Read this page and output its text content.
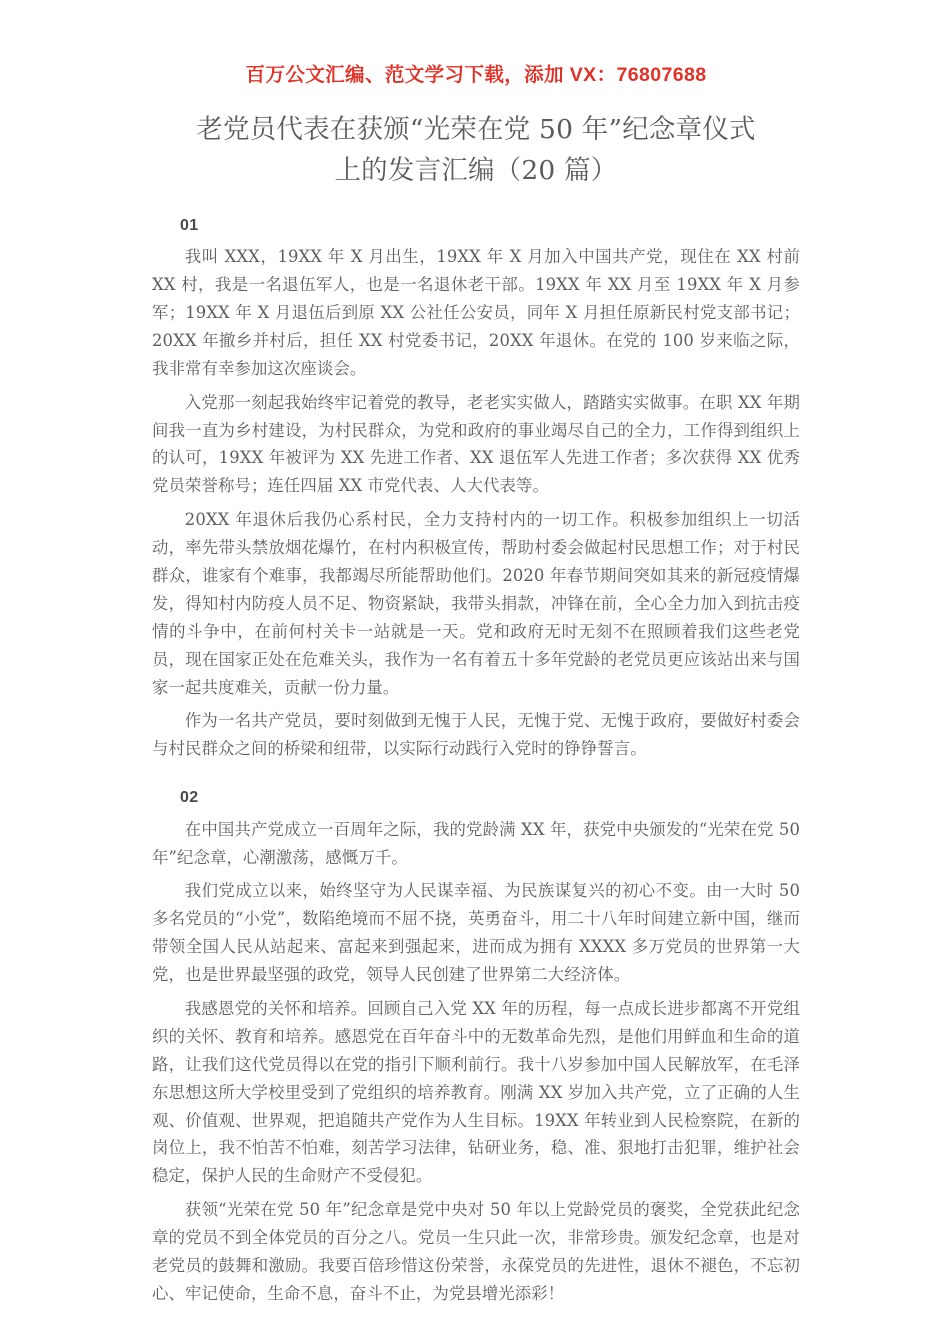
百万公文汇编、范文学习下载，添加 VX：76807688
老党员代表在获颁“光荣在党 50 年”纪念章仪式
上的发言汇编（20 篇）
01

我叫 XXX，19XX 年 X 月出生，19XX 年 X 月加入中国共产党，现住在 XX 村前 XX 村，我是一名退伍军人，也是一名退休老干部。19XX 年 XX 月至 19XX 年 X 月参军；19XX 年 X 月退伍后到原 XX 公社任公安员，同年 X 月担任原新民村党支部书记；20XX 年撤乡并村后，担任 XX 村党委书记，20XX 年退休。在党的 100 岁来临之际，我非常有幸参加这次座谈会。

入党那一刻起我始终牢记着党的教导，老老实实做人，踏踏实实做事。在职 XX 年期间我一直为乡村建设，为村民群众，为党和政府的事业竭尽自己的全力，工作得到组织上的认可，19XX 年被评为 XX 先进工作者、XX 退伍军人先进工作者；多次获得 XX 优秀党员荣誉称号；连任四届 XX 市党代表、人大代表等。

20XX 年退休后我仍心系村民，全力支持村内的一切工作。积极参加组织上一切活动，率先带头禁放烟花爆竹，在村内积极宣传，帮助村委会做起村民思想工作；对于村民群众，谁家有个难事，我都竭尽所能帮助他们。2020 年春节期间突如其来的新冠疫情爆发，得知村内防疫人员不足、物资紧缺，我带头捐款，冲锋在前，全心全力加入到抗击疫情的斗争中，在前何村关卡一站就是一天。党和政府无时无刻不在照顾着我们这些老党员，现在国家正处在危难关头，我作为一名有着五十多年党龄的老党员更应该站出来与国家一起共度难关，贡献一份力量。

作为一名共产党员，要时刻做到无愧于人民，无愧于党、无愧于政府，要做好村委会与村民群众之间的桥梁和纽带，以实际行动践行入党时的铮铮誓言。

02

在中国共产党成立一百周年之际，我的党龄满 XX 年，获党中央颁发的“光荣在党 50 年”纪念章，心潮激荡，感慨万千。

我们党成立以来，始终坚守为人民谋幸福、为民族谋复兴的初心不变。由一大时 50 多名党员的“小党”，数陷绝境而不屈不挠，英勇奋斗，用二十八年时间建立新中国，继而带领全国人民从站起来、富起来到强起来，进而成为拥有 XXXX 多万党员的世界第一大党，也是世界最坚强的政党，领导人民创建了世界第二大经济体。

我感恩党的关怀和培养。回顾自己入党 XX 年的历程，每一点成长进步都离不开党组织的关怀、教育和培养。感恩党在百年奋斗中的无数革命先烈，是他们用鲜血和生命的道路，让我们这代党员得以在党的指引下顺利前行。我十八岁参加中国人民解放军，在毛泽东思想这所大学校里受到了党组织的培养教育。刚满 XX 岁加入共产党，立了正确的人生观、价值观、世界观，把追随共产党作为人生目标。19XX 年转业到人民检察院，在新的岗位上，我不怕苦不怕难，刻苦学习法律，钻研业务，稳、准、狠地打击犯罪，维护社会稳定，保护人民的生命财产不受侵犯。

获领“光荣在党 50 年”纪念章是党中央对 50 年以上党龄党员的褒奖，全党获此纪念章的党员不到全体党员的百分之八。党员一生只此一次，非常珍贵。颁发纪念章，也是对老党员的鼓舞和激励。我要百倍珍惜这份荣誉，永葆党员的先进性，退休不褪色，不忘初心、牢记使命，生命不息，奋斗不止，为党县增光添彩！
